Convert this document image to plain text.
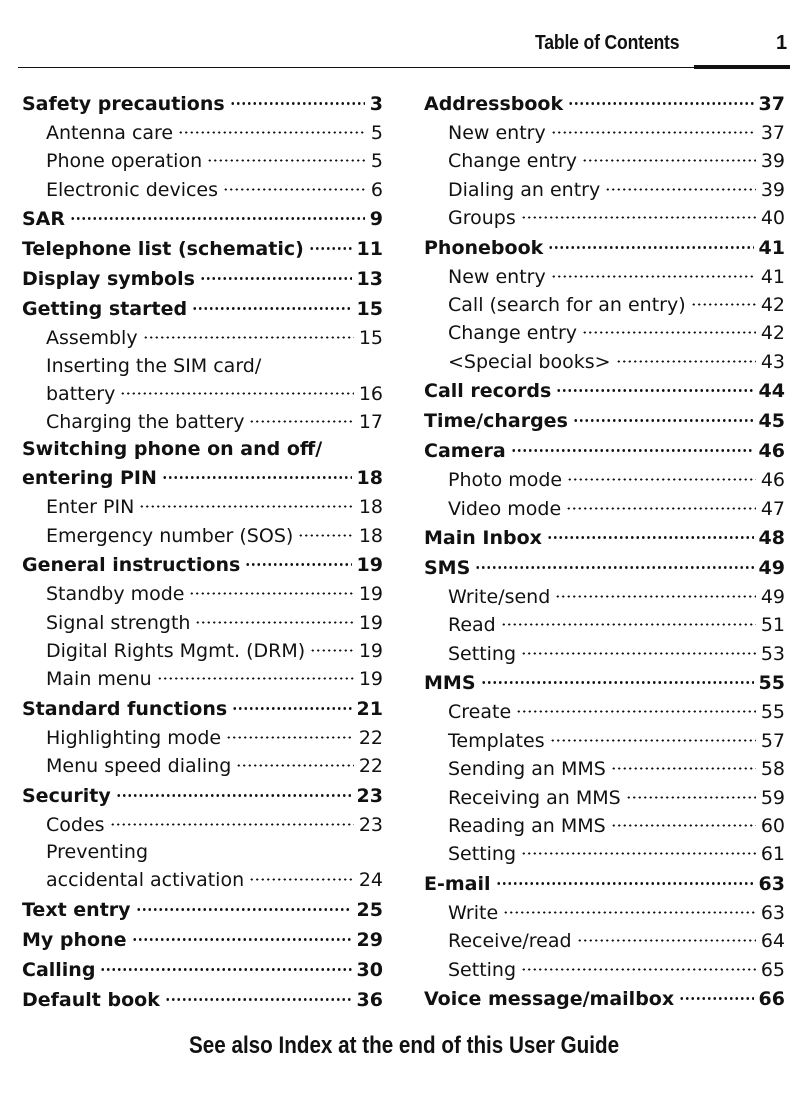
Table of Contents	1
Safety precautions	3
Antenna care	5
Phone operation	5
Electronic devices	6
SAR	9
Telephone list (schematic)	11
Display symbols	13
Getting started	15
Assembly	15
Inserting the SIM card/
battery	16
Charging the battery	17
Switching phone on and off/
entering PIN	18
Enter PIN	18
Emergency number (SOS)	18
General instructions	19
Standby mode	19
Signal strength	19
Digital Rights Mgmt. (DRM)	19
Main menu	19
Standard functions	21
Highlighting mode	22
Menu speed dialing	22
Security	23
Codes	23
Preventing
accidental activation	24
Text entry	25
My phone	29
Calling	30
Default book	36
Addressbook	37
New entry	37
Change entry	39
Dialing an entry	39
Groups	40
Phonebook	41
New entry	41
Call (search for an entry)	42
Change entry	42
<Special books>	43
Call records	44
Time/charges	45
Camera	46
Photo mode	46
Video mode	47
Main Inbox	48
SMS	49
Write/send	49
Read	51
Setting	53
MMS	55
Create	55
Templates	57
Sending an MMS	58
Receiving an MMS	59
Reading an MMS	60
Setting	61
E-mail	63
Write	63
Receive/read	64
Setting	65
Voice message/mailbox	66
See also Index at the end of this User Guide
